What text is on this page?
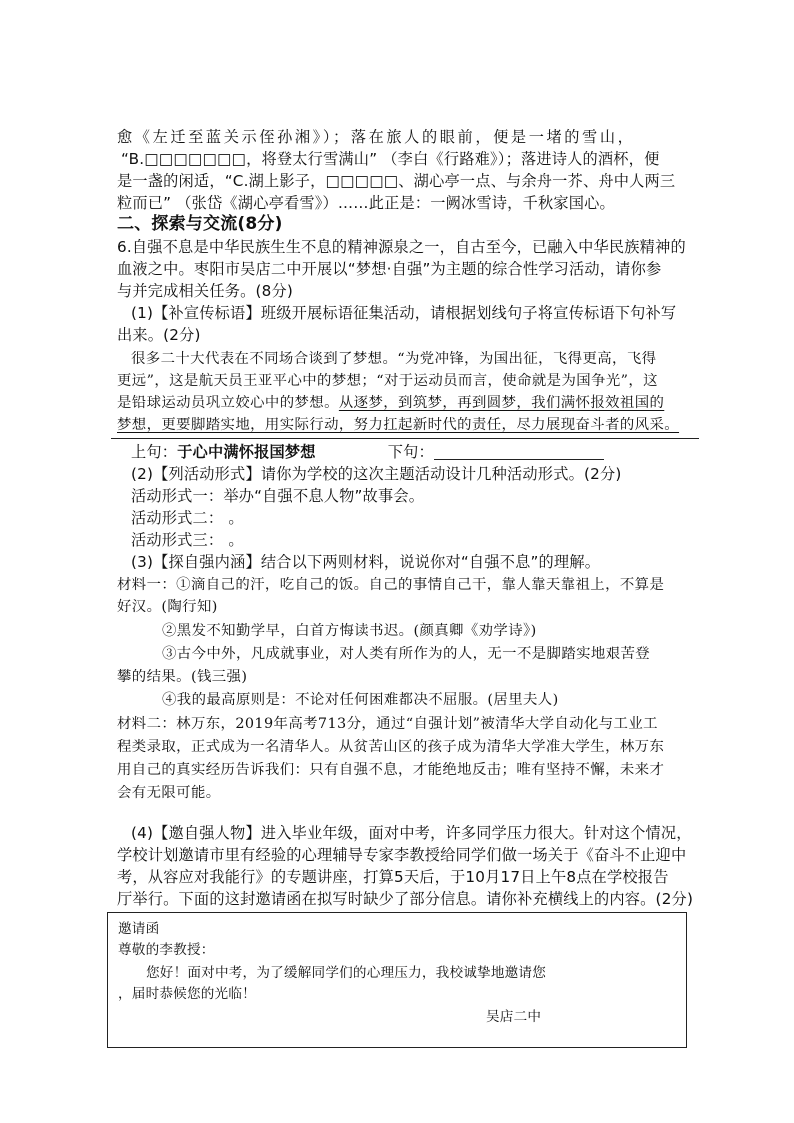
愈《左迁至蓝关示侄孙湘》）；落在旅人的眼前，便是一堵的雪山，
“B.□□□□□□□，将登太行雪满山” （李白《行路难》）；落进诗人的酒杯，便
是一盏的闲适，“C.湖上影子，□□□□□、湖心亭一点、与余舟一芥、舟中人两三
粒而已” （张岱《湖心亭看雪》）……此正是：一阙冰雪诗，千秋家国心。
二、探索与交流(8分)
6.自强不息是中华民族生生不息的精神源泉之一，自古至今，已融入中华民族精神的
血液之中。枣阳市吴店二中开展以“梦想·自强”为主题的综合性学习活动，请你参
与并完成相关任务。(8分)
(1)【补宣传标语】班级开展标语征集活动，请根据划线句子将宣传标语下句补写
出来。(2分)
很多二十大代表在不同场合谈到了梦想。“为党冲锋，为国出征，飞得更高，飞得
更远”，这是航天员王亚平心中的梦想；“对于运动员而言，使命就是为国争光”，这
是铅球运动员巩立姣心中的梦想。从逐梦，到筑梦，再到圆梦，我们满怀报效祖国的
梦想，更要脚踏实地，用实际行动，努力扛起新时代的责任，尽力展现奋斗者的风采。
上句：于心中满怀报国梦想	下句：
(2)【列活动形式】请你为学校的这次主题活动设计几种活动形式。(2分)
活动形式一：举办“自强不息人物”故事会。
活动形式二： 。
活动形式三： 。
(3)【探自强内涵】结合以下两则材料，说说你对“自强不息”的理解。
材料一：①滴自己的汗，吃自己的饭。自己的事情自己干，靠人靠天靠祖上，不算是
好汉。(陶行知)
②黑发不知勤学早，白首方悔读书迟。(颜真卿《劝学诗》)
③古今中外，凡成就事业，对人类有所作为的人，无一不是脚踏实地艰苦登
攀的结果。(钱三强)
④我的最高原则是：不论对任何困难都决不屈服。(居里夫人)
材料二：林万东，2019年高考713分，通过“自强计划”被清华大学自动化与工业工
程类录取，正式成为一名清华人。从贫苦山区的孩子成为清华大学准大学生，林万东
用自己的真实经历告诉我们：只有自强不息，才能绝地反击；唯有坚持不懈，未来才
会有无限可能。
(4)【邀自强人物】进入毕业年级，面对中考，许多同学压力很大。针对这个情况，
学校计划邀请市里有经验的心理辅导专家李教授给同学们做一场关于《奋斗不止迎中
考，从容应对我能行》的专题讲座，打算5天后，于10月17日上午8点在学校报告
厅举行。下面的这封邀请函在拟写时缺少了部分信息。请你补充横线上的内容。(2分)
邀请函
尊敬的李教授：
您好！面对中考，为了缓解同学们的心理压力，我校诚挚地邀请您
，届时恭候您的光临！
吴店二中
